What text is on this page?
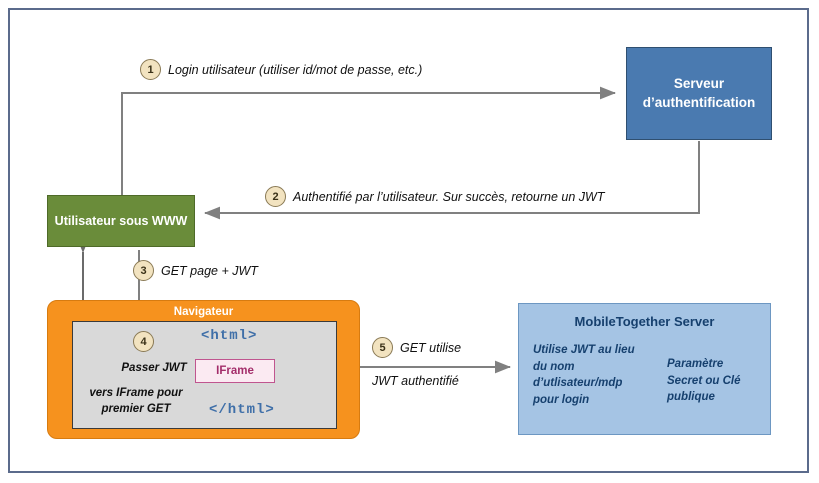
Serveur d’authentification
Utilisateur sous WWW
Navigateur
<html>
IFrame
</html>
Passer JWT
vers IFrame pour premier GET
MobileTogether Server
Utilise JWT au lieu du nom d’utlisateur/mdp pour login
Paramètre
Secret ou Clé publique
1	Login utilisateur (utiliser id/mot de passe, etc.)
2	Authentifié par l’utilisateur. Sur succès, retourne un JWT
3	GET page + JWT
4	5	GET utilise
JWT authentifié
